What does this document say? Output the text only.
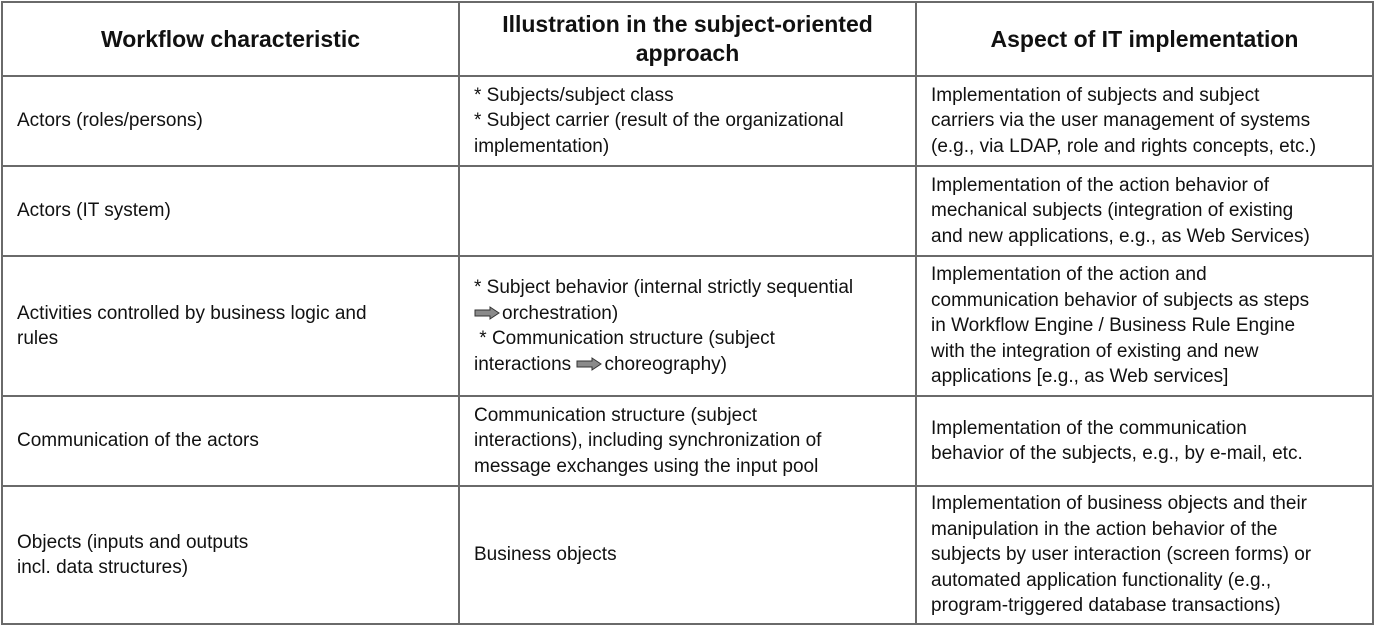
Workflow characteristic	Illustration in the subject-oriented approach	Aspect of IT implementation
Actors (roles/persons)	* Subjects/subject class
* Subject carrier (result of the organizational
implementation)	Implementation of subjects and subject
carriers via the user management of systems
(e.g., via LDAP, role and rights concepts, etc.)

Actors (IT system)		Implementation of the action behavior of
mechanical subjects (integration of existing
and new applications, e.g., as Web Services)

Activities controlled by business logic and
rules	* Subject behavior (internal strictly sequential
orchestration)
* Communication structure (subject
interactions choreography)	Implementation of the action and
communication behavior of subjects as steps
in Workflow Engine / Business Rule Engine
with the integration of existing and new
applications [e.g., as Web services]

Communication of the actors	Communication structure (subject
interactions), including synchronization of
message exchanges using the input pool	Implementation of the communication
behavior of the subjects, e.g., by e-mail, etc.

Objects (inputs and outputs
incl. data structures)	Business objects	Implementation of business objects and their
manipulation in the action behavior of the
subjects by user interaction (screen forms) or
automated application functionality (e.g.,
program-triggered database transactions)
